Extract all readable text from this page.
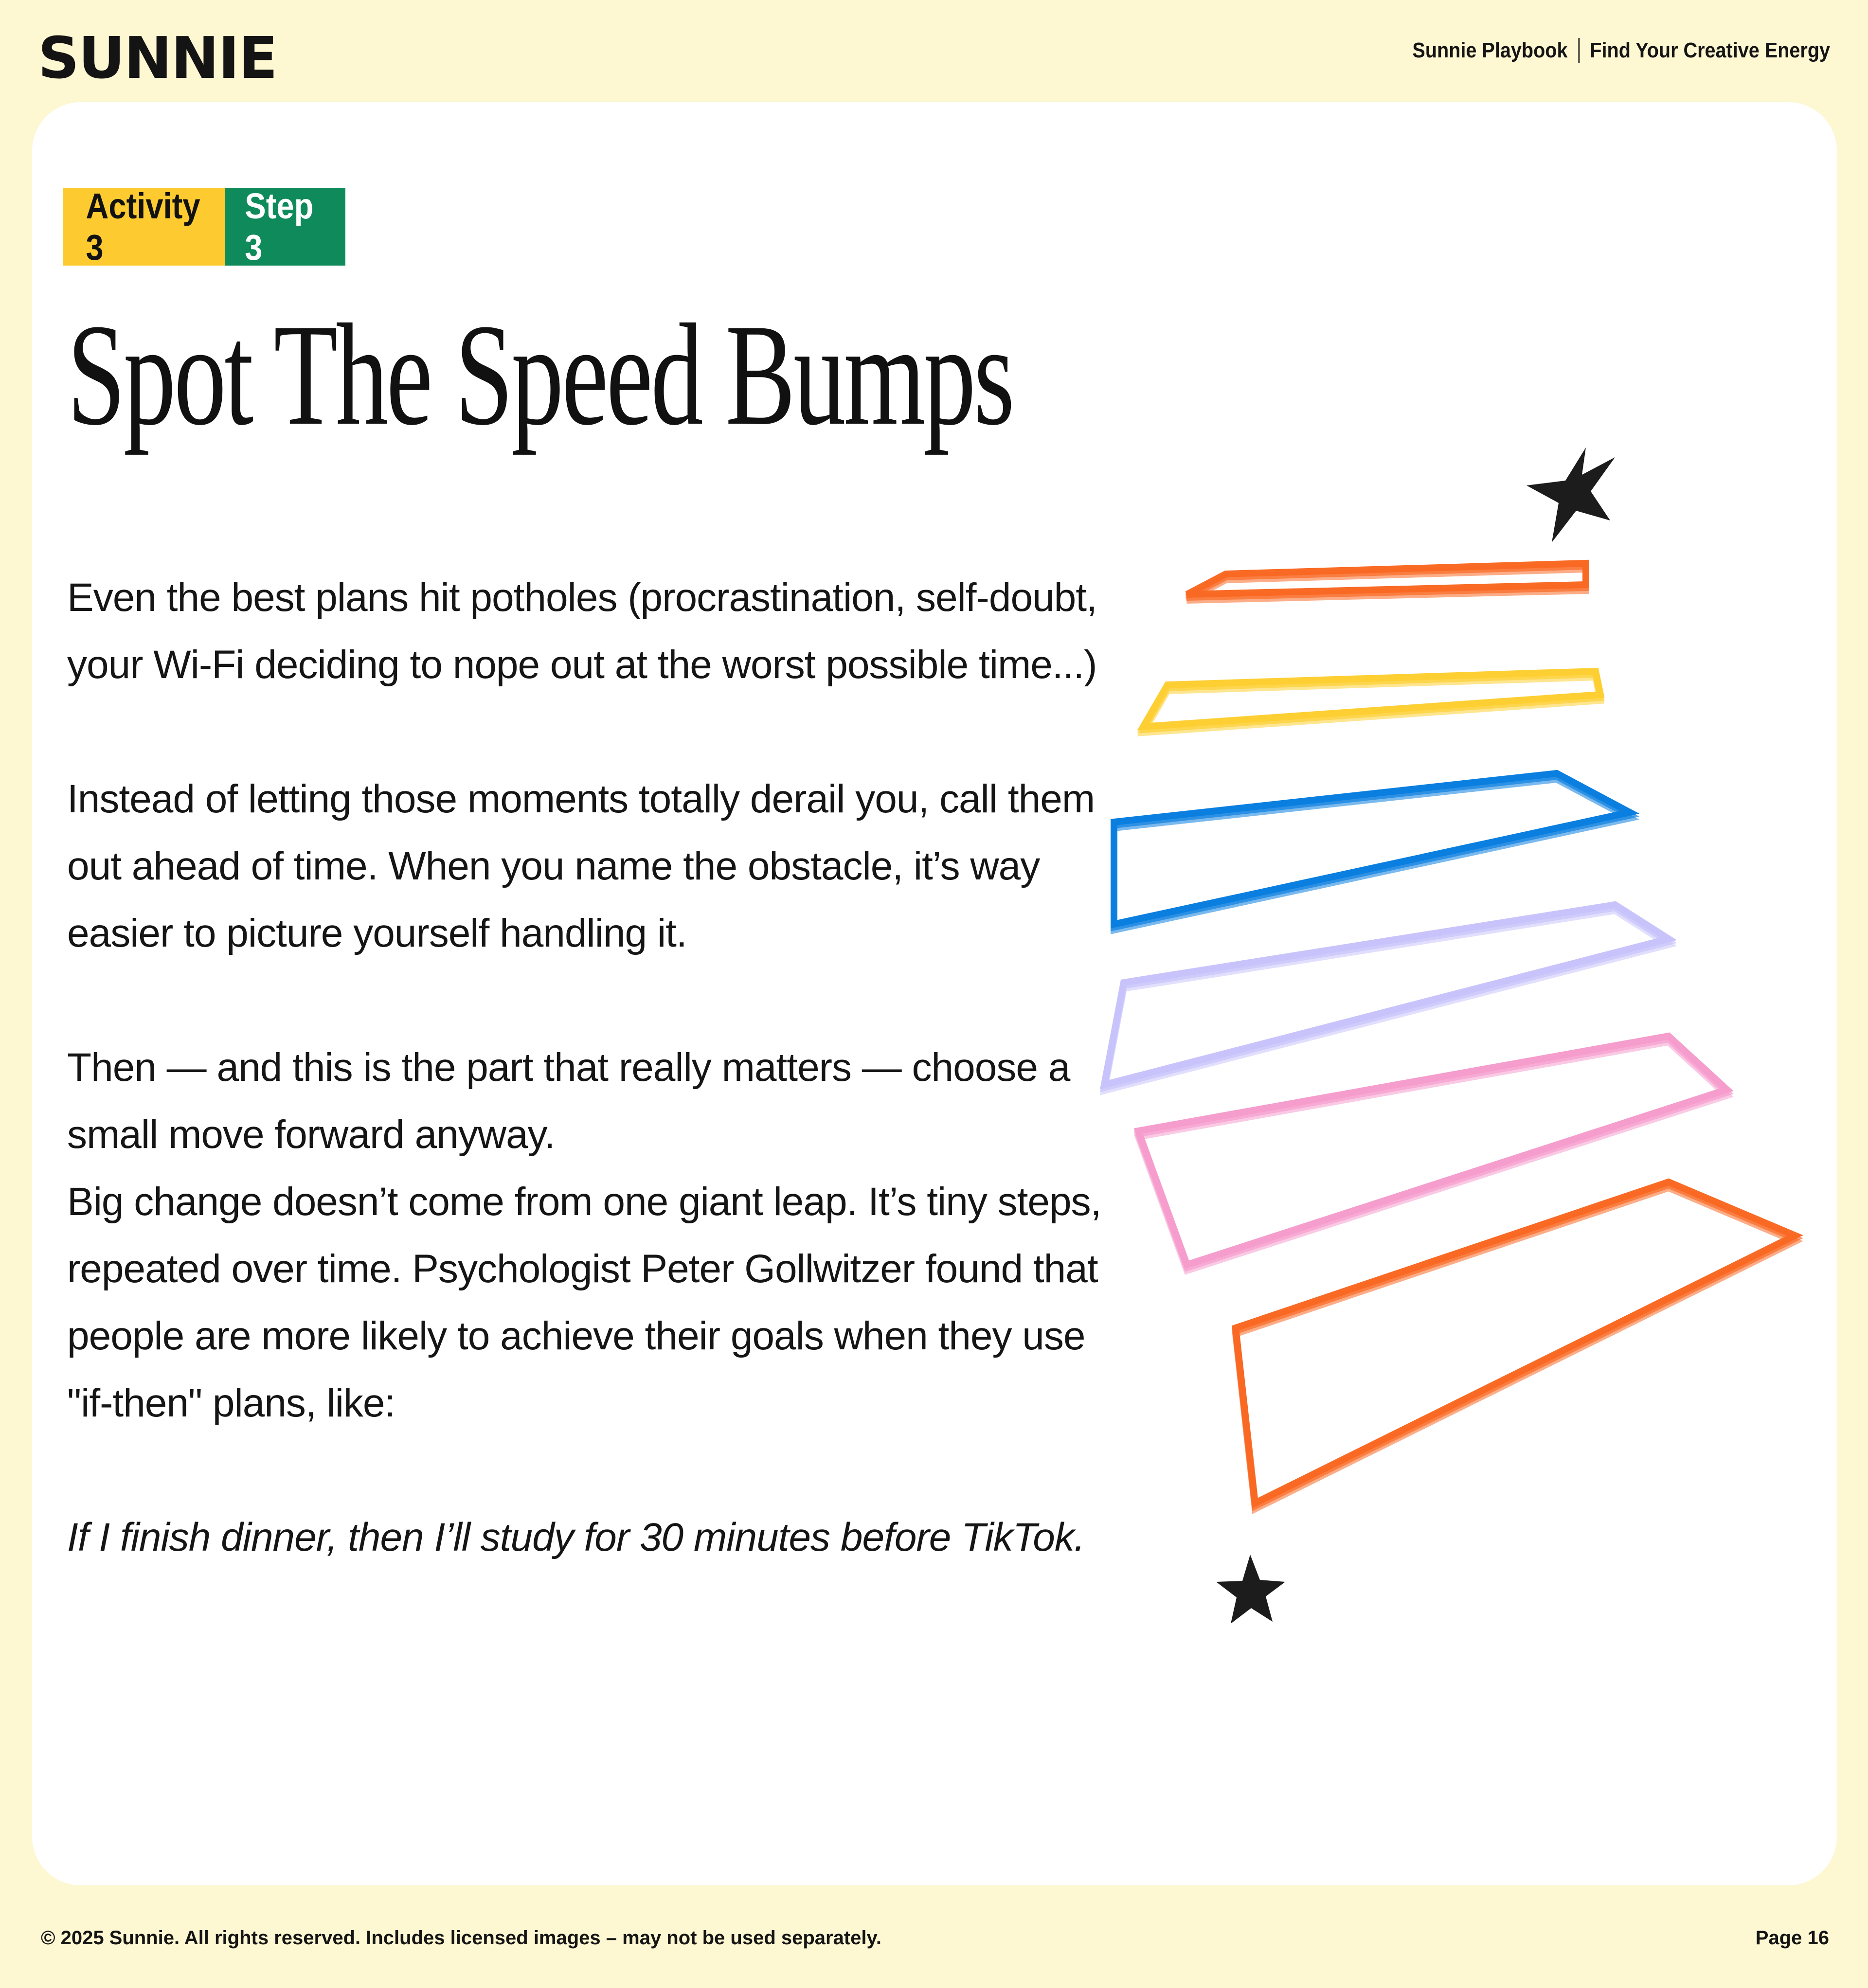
SUNNIE	Sunnie Playbook Find Your Creative Energy
Activity 3
Step 3
Spot The Speed Bumps

Even the best plans hit potholes (procrastination, self-doubt, your Wi-Fi deciding to nope out at the worst possible time...)

Instead of letting those moments totally derail you, call them out ahead of time. When you name the obstacle, it’s way easier to picture yourself handling it.

Then — and this is the part that really matters — choose a small move forward anyway.

Big change doesn’t come from one giant leap. It’s tiny steps, repeated over time. Psychologist Peter Gollwitzer found that people are more likely to achieve their goals when they use "if-then" plans, like:

If I finish dinner, then I’ll study for 30 minutes before TikTok.

© 2025 Sunnie. All rights reserved. Includes licensed images – may not be used separately.	Page 16
